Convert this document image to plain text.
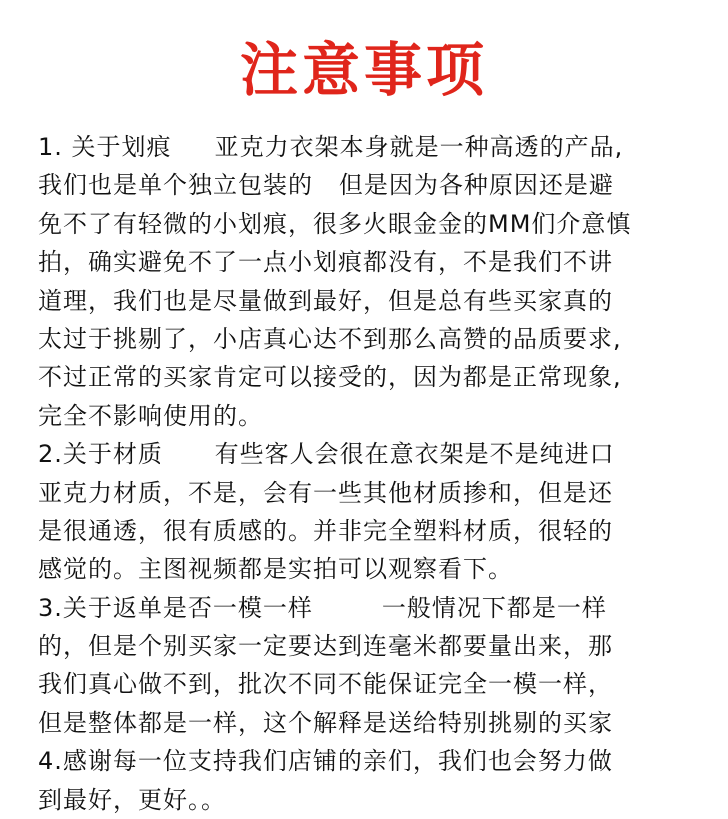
注意事项
1. 关于划痕     亚克力衣架本身就是一种高透的产品,
我们也是单个独立包装的   但是因为各种原因还是避
免不了有轻微的小划痕，很多火眼金金的MM们介意慎
拍，确实避免不了一点小划痕都没有，不是我们不讲
道理，我们也是尽量做到最好，但是总有些买家真的
太过于挑剔了，小店真心达不到那么高赞的品质要求,
不过正常的买家肯定可以接受的，因为都是正常现象,
完全不影响使用的。
2.关于材质      有些客人会很在意衣架是不是纯进口
亚克力材质，不是，会有一些其他材质掺和，但是还
是很通透，很有质感的。并非完全塑料材质，很轻的
感觉的。主图视频都是实拍可以观察看下。
3.关于返单是否一模一样        一般情况下都是一样
的，但是个别买家一定要达到连毫米都要量出来，那
我们真心做不到，批次不同不能保证完全一模一样，
但是整体都是一样，这个解释是送给特别挑剔的买家
4.感谢每一位支持我们店铺的亲们，我们也会努力做
到最好，更好。。
